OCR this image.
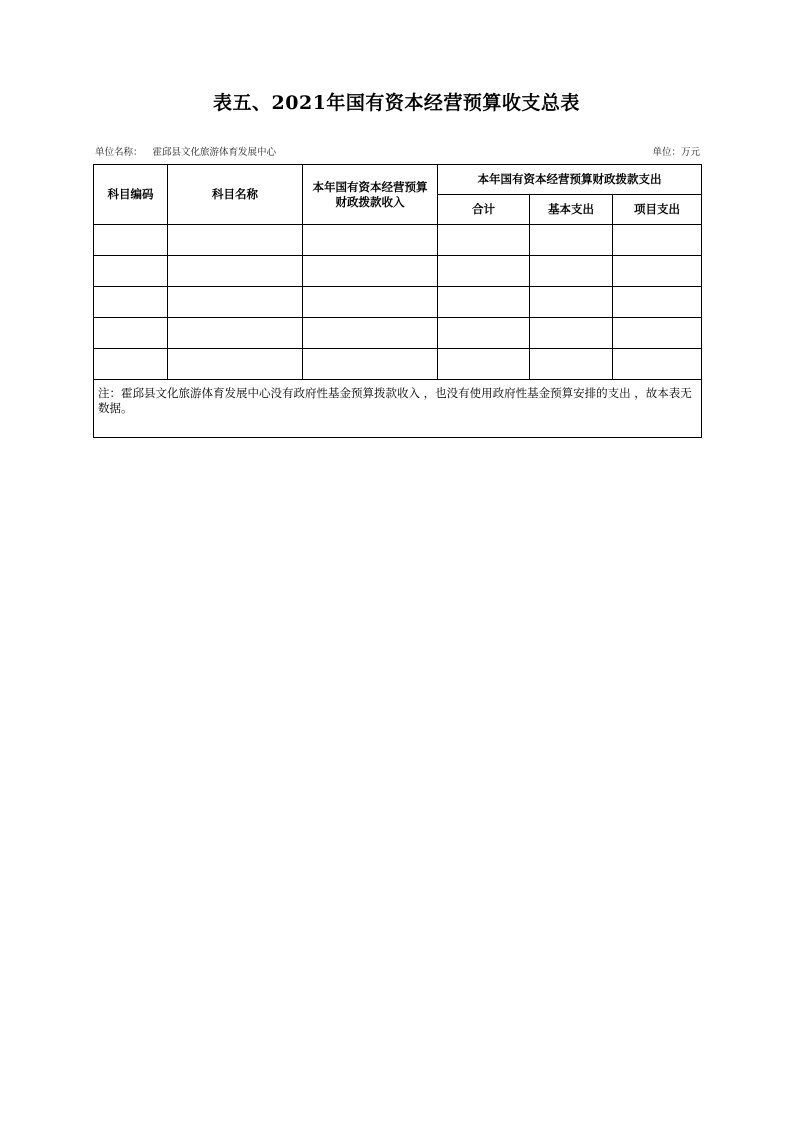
表五、2021年国有资本经营预算收支总表
单位名称： 霍邱县文化旅游体育发展中心	单位：万元
科目编码	科目名称	本年国有资本经营预算财政拨款收入	本年国有资本经营预算财政拨款支出		
			合计	基本支出	项目支出

注：霍邱县文化旅游体育发展中心没有政府性基金预算拨款收入 ，也没有使用政府性基金预算安排的支出 ，故本表无数据。					
